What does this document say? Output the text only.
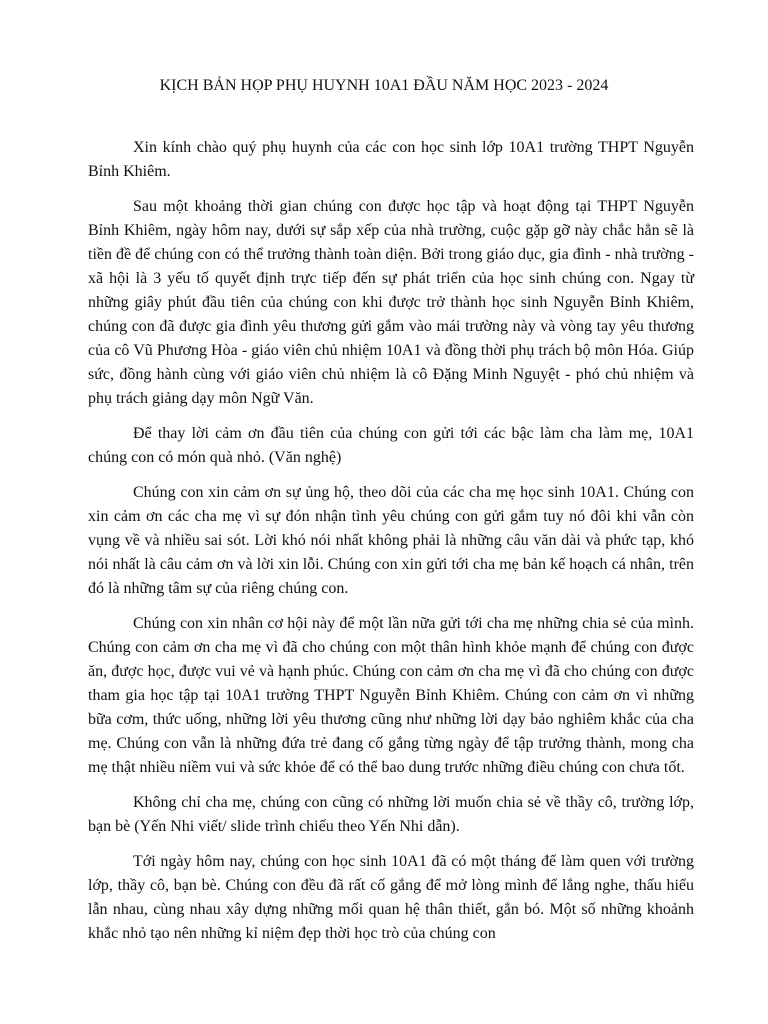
KỊCH BẢN HỌP PHỤ HUYNH 10A1 ĐẦU NĂM HỌC 2023 - 2024

Xin kính chào quý phụ huynh của các con học sinh lớp 10A1 trường THPT Nguyễn Bỉnh Khiêm.

Sau một khoảng thời gian chúng con được học tập và hoạt động tại THPT Nguyễn Bỉnh Khiêm, ngày hôm nay, dưới sự sắp xếp của nhà trường, cuộc gặp gỡ này chắc hẳn sẽ là tiền đề để chúng con có thể trưởng thành toàn diện. Bởi trong giáo dục, gia đình - nhà trường - xã hội là 3 yếu tố quyết định trực tiếp đến sự phát triển của học sinh chúng con. Ngay từ những giây phút đầu tiên của chúng con khi được trở thành học sinh Nguyễn Bỉnh Khiêm, chúng con đã được gia đình yêu thương gửi gắm vào mái trường này và vòng tay yêu thương của cô Vũ Phương Hòa - giáo viên chủ nhiệm 10A1 và đồng thời phụ trách bộ môn Hóa. Giúp sức, đồng hành cùng với giáo viên chủ nhiệm là cô Đặng Minh Nguyệt - phó chủ nhiệm và phụ trách giảng dạy môn Ngữ Văn.

Để thay lời cảm ơn đầu tiên của chúng con gửi tới các bậc làm cha làm mẹ, 10A1 chúng con có món quà nhỏ. (Văn nghệ)

Chúng con xin cảm ơn sự ủng hộ, theo dõi của các cha mẹ học sinh 10A1. Chúng con xin cảm ơn các cha mẹ vì sự đón nhận tình yêu chúng con gửi gắm tuy nó đôi khi vẫn còn vụng về và nhiều sai sót. Lời khó nói nhất không phải là những câu văn dài và phức tạp, khó nói nhất là câu cảm ơn và lời xin lỗi. Chúng con xin gửi tới cha mẹ bản kế hoạch cá nhân, trên đó là những tâm sự của riêng chúng con.

Chúng con xin nhân cơ hội này để một lần nữa gửi tới cha mẹ những chia sẻ của mình. Chúng con cảm ơn cha mẹ vì đã cho chúng con một thân hình khỏe mạnh để chúng con được ăn, được học, được vui vẻ và hạnh phúc. Chúng con cảm ơn cha mẹ vì đã cho chúng con được tham gia học tập tại 10A1 trường THPT Nguyễn Bỉnh Khiêm. Chúng con cảm ơn vì những bữa cơm, thức uống, những lời yêu thương cũng như những lời dạy bảo nghiêm khắc của cha mẹ. Chúng con vẫn là những đứa trẻ đang cố gắng từng ngày để tập trưởng thành, mong cha mẹ thật nhiều niềm vui và sức khỏe để có thể bao dung trước những điều chúng con chưa tốt.

Không chỉ cha mẹ, chúng con cũng có những lời muốn chia sẻ về thầy cô, trường lớp, bạn bè (Yến Nhi viết/ slide trình chiếu theo Yến Nhi dẫn).

Tới ngày hôm nay, chúng con học sinh 10A1 đã có một tháng để làm quen với trường lớp, thầy cô, bạn bè. Chúng con đều đã rất cố gắng để mở lòng mình để lắng nghe, thấu hiểu lẫn nhau, cùng nhau xây dựng những mối quan hệ thân thiết, gắn bó. Một số những khoảnh khắc nhỏ tạo nên những kỉ niệm đẹp thời học trò của chúng con
